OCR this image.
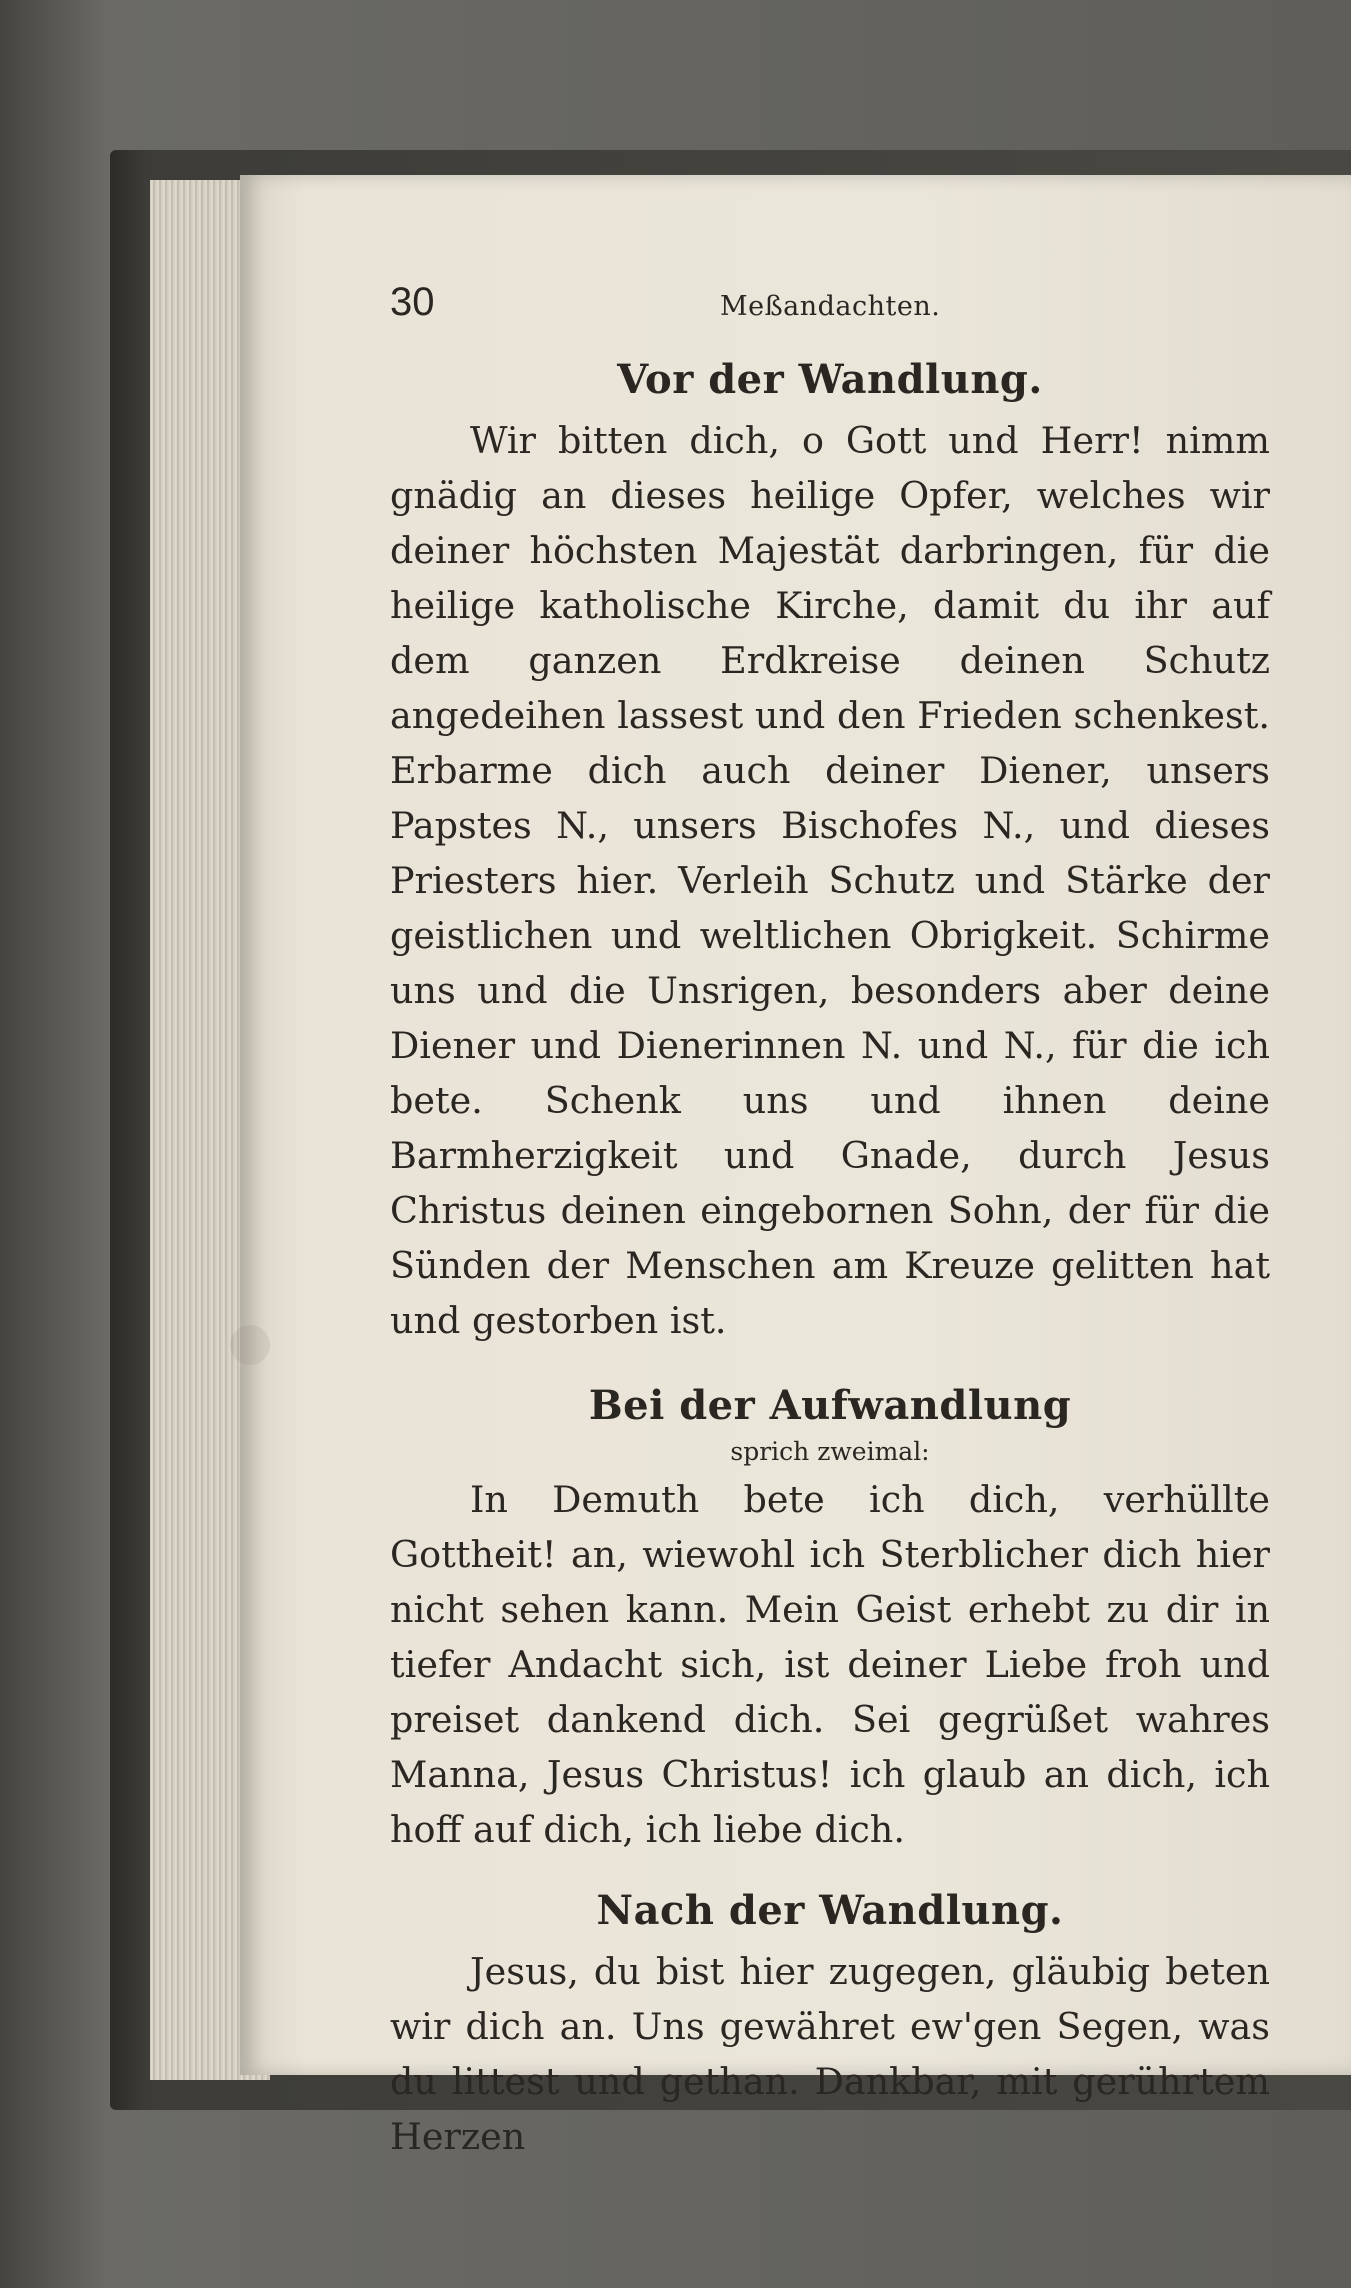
30	Meßandachten.
Vor der Wandlung.

Wir bitten dich, o Gott und Herr! nimm gnädig an dieses heilige Opfer, welches wir deiner höchsten Majestät darbringen, für die heilige katholische Kirche, damit du ihr auf dem ganzen Erdkreise deinen Schutz angedeihen lassest und den Frieden schenkest. Erbarme dich auch deiner Diener, unsers Papstes N., unsers Bischofes N., und dieses Priesters hier. Verleih Schutz und Stärke der geistlichen und weltlichen Obrigkeit. Schirme uns und die Unsrigen, besonders aber deine Diener und Dienerinnen N. und N., für die ich bete. Schenk uns und ihnen deine Barmherzigkeit und Gnade, durch Jesus Christus deinen eingebornen Sohn, der für die Sünden der Menschen am Kreuze gelitten hat und gestorben ist.

Bei der Aufwandlung
sprich zweimal:

In Demuth bete ich dich, verhüllte Gottheit! an, wiewohl ich Sterblicher dich hier nicht sehen kann. Mein Geist erhebt zu dir in tiefer Andacht sich, ist deiner Liebe froh und preiset dankend dich. Sei gegrüßet wahres Manna, Jesus Christus! ich glaub an dich, ich hoff auf dich, ich liebe dich.

Nach der Wandlung.

Jesus, du bist hier zugegen, gläubig beten wir dich an. Uns gewähret ew'gen Segen, was du littest und gethan. Dankbar, mit gerührtem Herzen
